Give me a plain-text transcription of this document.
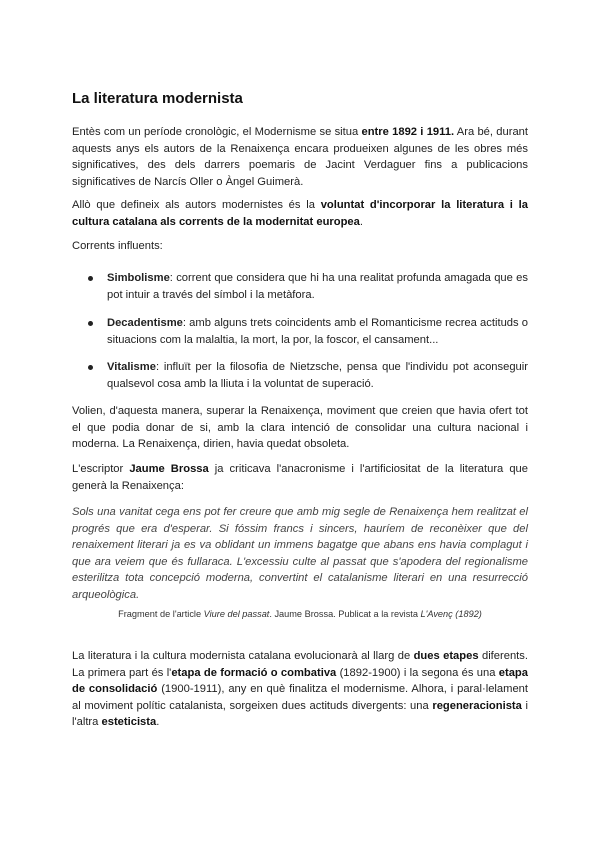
La literatura modernista

Entès com un període cronològic, el Modernisme se situa entre 1892 i 1911. Ara bé, durant aquests anys els autors de la Renaixença encara produeixen algunes de les obres més significatives, des dels darrers poemaris de Jacint Verdaguer fins a publicacions significatives de Narcís Oller o Àngel Guimerà.

Allò que defineix als autors modernistes és la voluntat d'incorporar la literatura i la cultura catalana als corrents de la modernitat europea.

Corrents influents:

Simbolisme: corrent que considera que hi ha una realitat profunda amagada que es pot intuir a través del símbol i la metàfora.
Decadentisme: amb alguns trets coincidents amb el Romanticisme recrea actituds o situacions com la malaltia, la mort, la por, la foscor, el cansament...
Vitalisme: influït per la filosofia de Nietzsche, pensa que l'individu pot aconseguir qualsevol cosa amb la lliuta i la voluntat de superació.

Volien, d'aquesta manera, superar la Renaixença, moviment que creien que havia ofert tot el que podia donar de si, amb la clara intenció de consolidar una cultura nacional i moderna. La Renaixença, dirien, havia quedat obsoleta.

L'escriptor Jaume Brossa ja criticava l'anacronisme i l'artificiositat de la literatura que generà la Renaixença:

Sols una vanitat cega ens pot fer creure que amb mig segle de Renaixença hem realitzat el progrés que era d'esperar. Si fóssim francs i sincers, hauríem de reconèixer que del renaixement literari ja es va oblidant un immens bagatge que abans ens havia complagut i que ara veiem que és fullaraca. L'excessiu culte al passat que s'apodera del regionalisme esterilitza tota concepció moderna, convertint el catalanisme literari en una resurrecció arqueològica.

Fragment de l'article Viure del passat. Jaume Brossa. Publicat a la revista L'Avenç (1892)

La literatura i la cultura modernista catalana evolucionarà al llarg de dues etapes diferents. La primera part és l'etapa de formació o combativa (1892-1900) i la segona és una etapa de consolidació (1900-1911), any en què finalitza el modernisme. Alhora, i paral·lelament al moviment polític catalanista, sorgeixen dues actituds divergents: una regeneracionista i l'altra esteticista.
